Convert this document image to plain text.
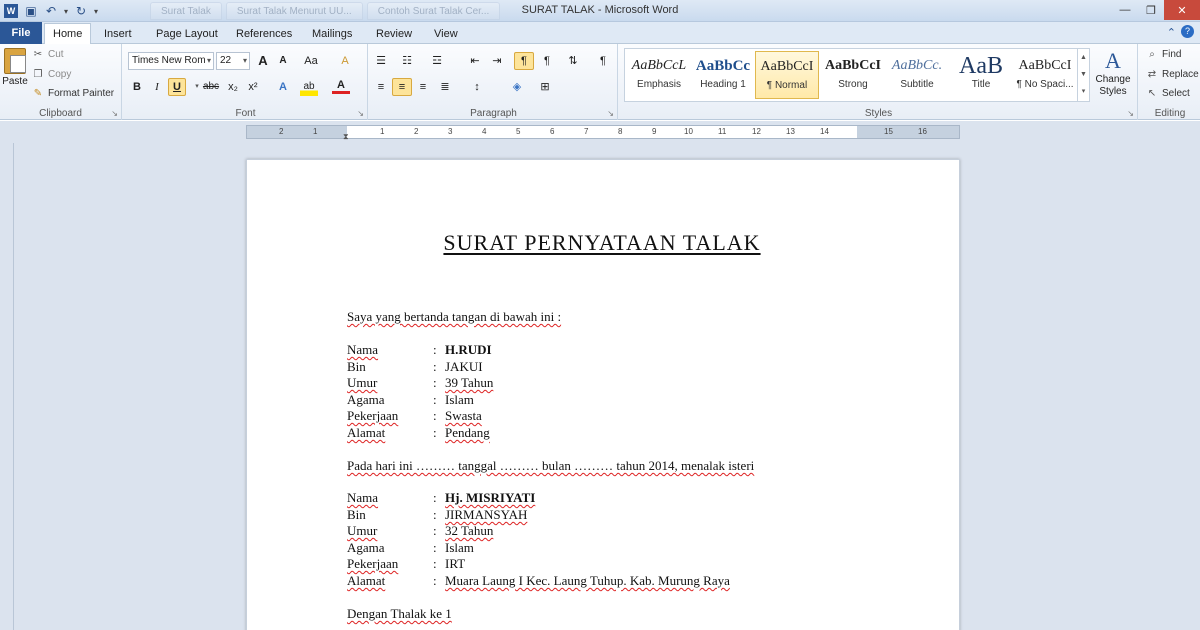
W ▣ ↶ ▾ ↻ ▾	Surat Talak	Surat Talak Menurut UU...	Contoh Surat Talak Cer...	SURAT TALAK - Microsoft Word	—	❐	✕
File	Home	Insert	Page Layout	References	Mailings	Review	View	⌃ ?
Paste
✂ Cut
❐ Copy
✎ Format Painter
Clipboard	↘
Times New Rom ▾ 22 ▾ A	A	Aa	A
B	I	U	▾ abc x₂ x²	A	ab	A
Font	↘
☰	☷	☲	⇤	⇥	¶	¶	⇅	¶
≡	≡	≡	≣	↕	◈	⊞
Paragraph	↘	Styles	↘
AaBbCcL
Emphasis
AaBbCc
Heading 1
AaBbCcI
¶ Normal
AaBbCcI
Strong
AaBbCc.
Subtitle
AaB
Title
AaBbCcI
¶ No Spaci...
▲
▼
▾
A
Change Styles
⌕ Find
⇄ Replace
↖ Select
Editing
2	1	1	2	3	4	5	6	7	8	9	10	11	12	13	14	15	16
⧗
SURAT PERNYATAAN TALAK
Saya yang bertanda tangan di bawah ini :
Nama	: H.RUDI
Bin	: JAKUI
Umur	: 39 Tahun
Agama	: Islam
Pekerjaan	: Swasta
Alamat	: Pendang
Pada hari ini ……… tanggal ……… bulan ……… tahun 2014, menalak isteri
Nama	: Hj. MISRIYATI
Bin	: JIRMANSYAH
Umur	: 32 Tahun
Agama	: Islam
Pekerjaan	: IRT
Alamat	: Muara Laung I Kec. Laung Tuhup. Kab. Murung Raya
Dengan Thalak ke 1
